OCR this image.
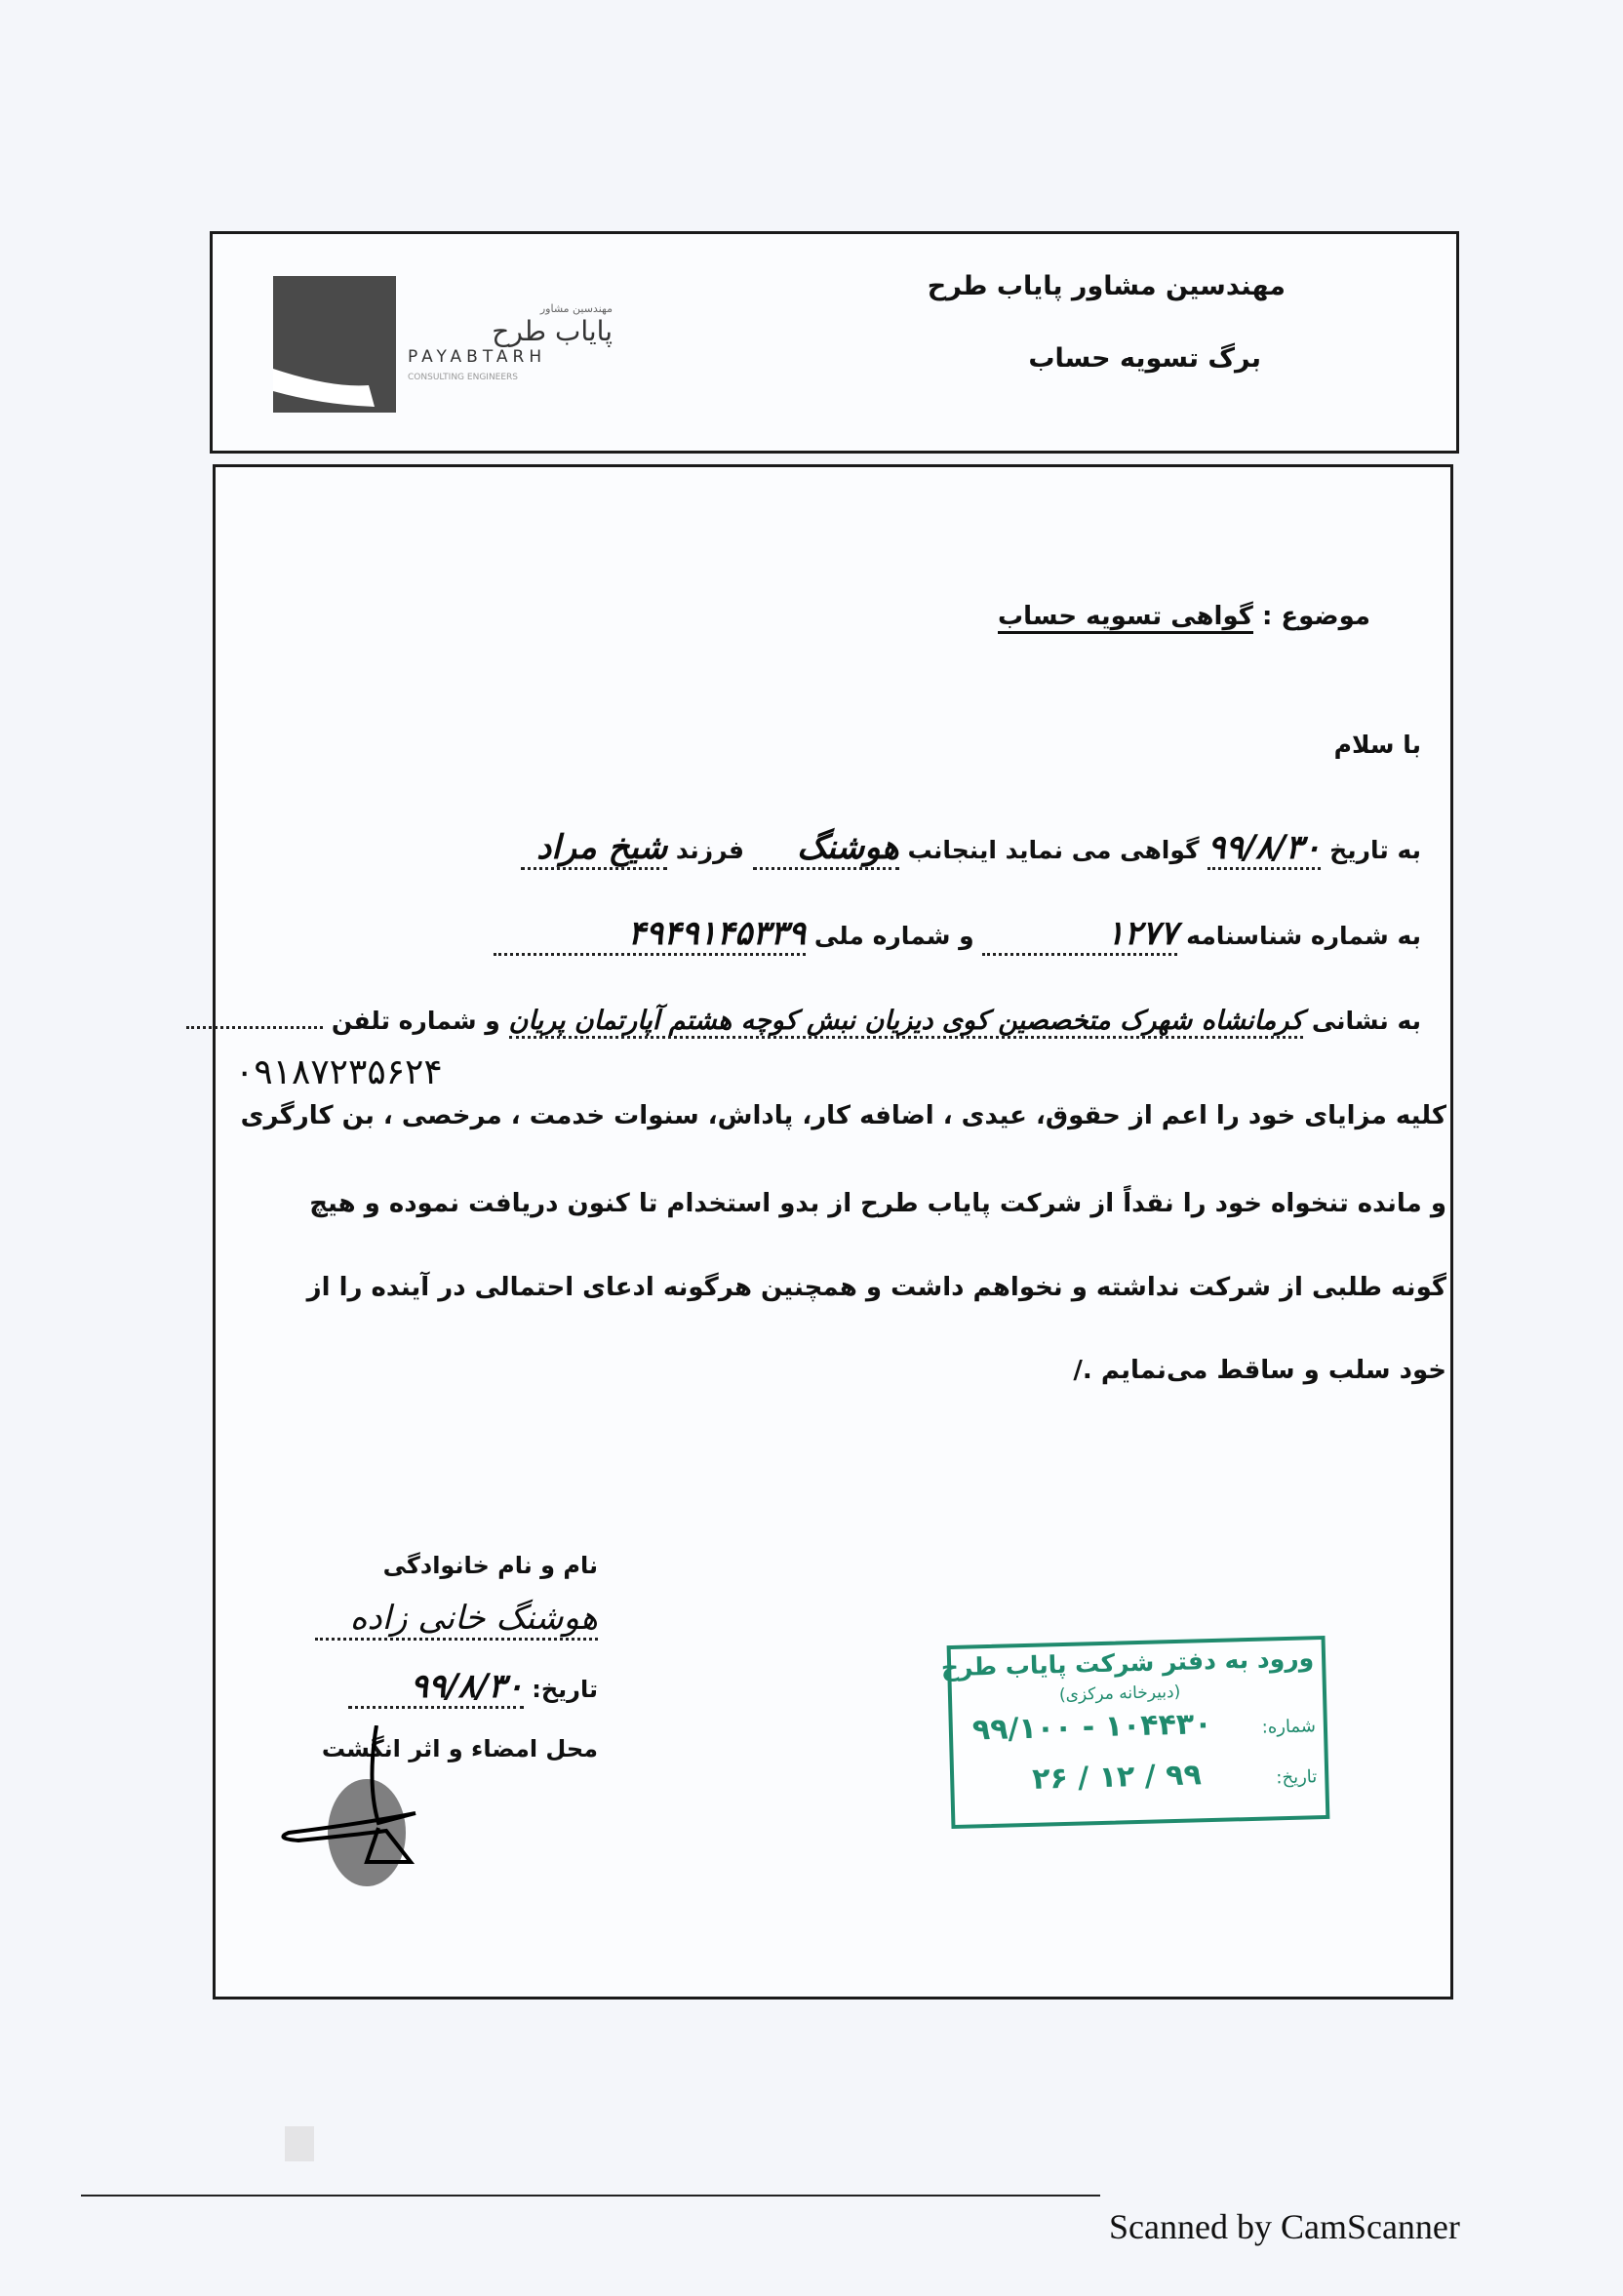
مهندسین مشاور
پایاب طرح
PAYABTARH
CONSULTING ENGINEERS
مهندسین مشاور پایاب طرح
برگ تسویه حساب
موضوع : گواهی تسویه حساب
با سلام
به تاریخ ۹۹/۸/۳۰ گواهی می نماید اینجانب هوشنگ فرزند شیخ مراد
به شماره شناسنامه ۱۲۷۷ و شماره ملی ۴۹۴۹۱۴۵۳۳۹
به نشانی کرمانشاه شهرک متخصصین کوی دیزیان نبش کوچه هشتم آپارتمان پریان و شماره تلفن
۰۹۱۸۷۲۳۵۶۲۴
کلیه مزایای خود را اعم از حقوق، عیدی ، اضافه کار، پاداش، سنوات خدمت ، مرخصی ، بن کارگری
و مانده تنخواه خود را نقداً از شرکت پایاب طرح از بدو استخدام تا کنون دریافت نموده و هیچ
گونه طلبی از شرکت نداشته و نخواهم داشت و همچنین هرگونه ادعای احتمالی در آینده را از
خود سلب و ساقط می‌نمایم ./
نام و نام خانوادگی
هوشنگ خانی زاده
تاریخ: ۹۹/۸/۳۰
محل امضاء و اثر انگشت
ورود به دفتر شرکت پایاب طرح
(دبیرخانه مرکزی)
شماره:
۱۰۴۴۳۰ - ۹۹/۱۰۰
تاریخ:
۹۹ / ۱۲ / ۲۶
Scanned by CamScanner
